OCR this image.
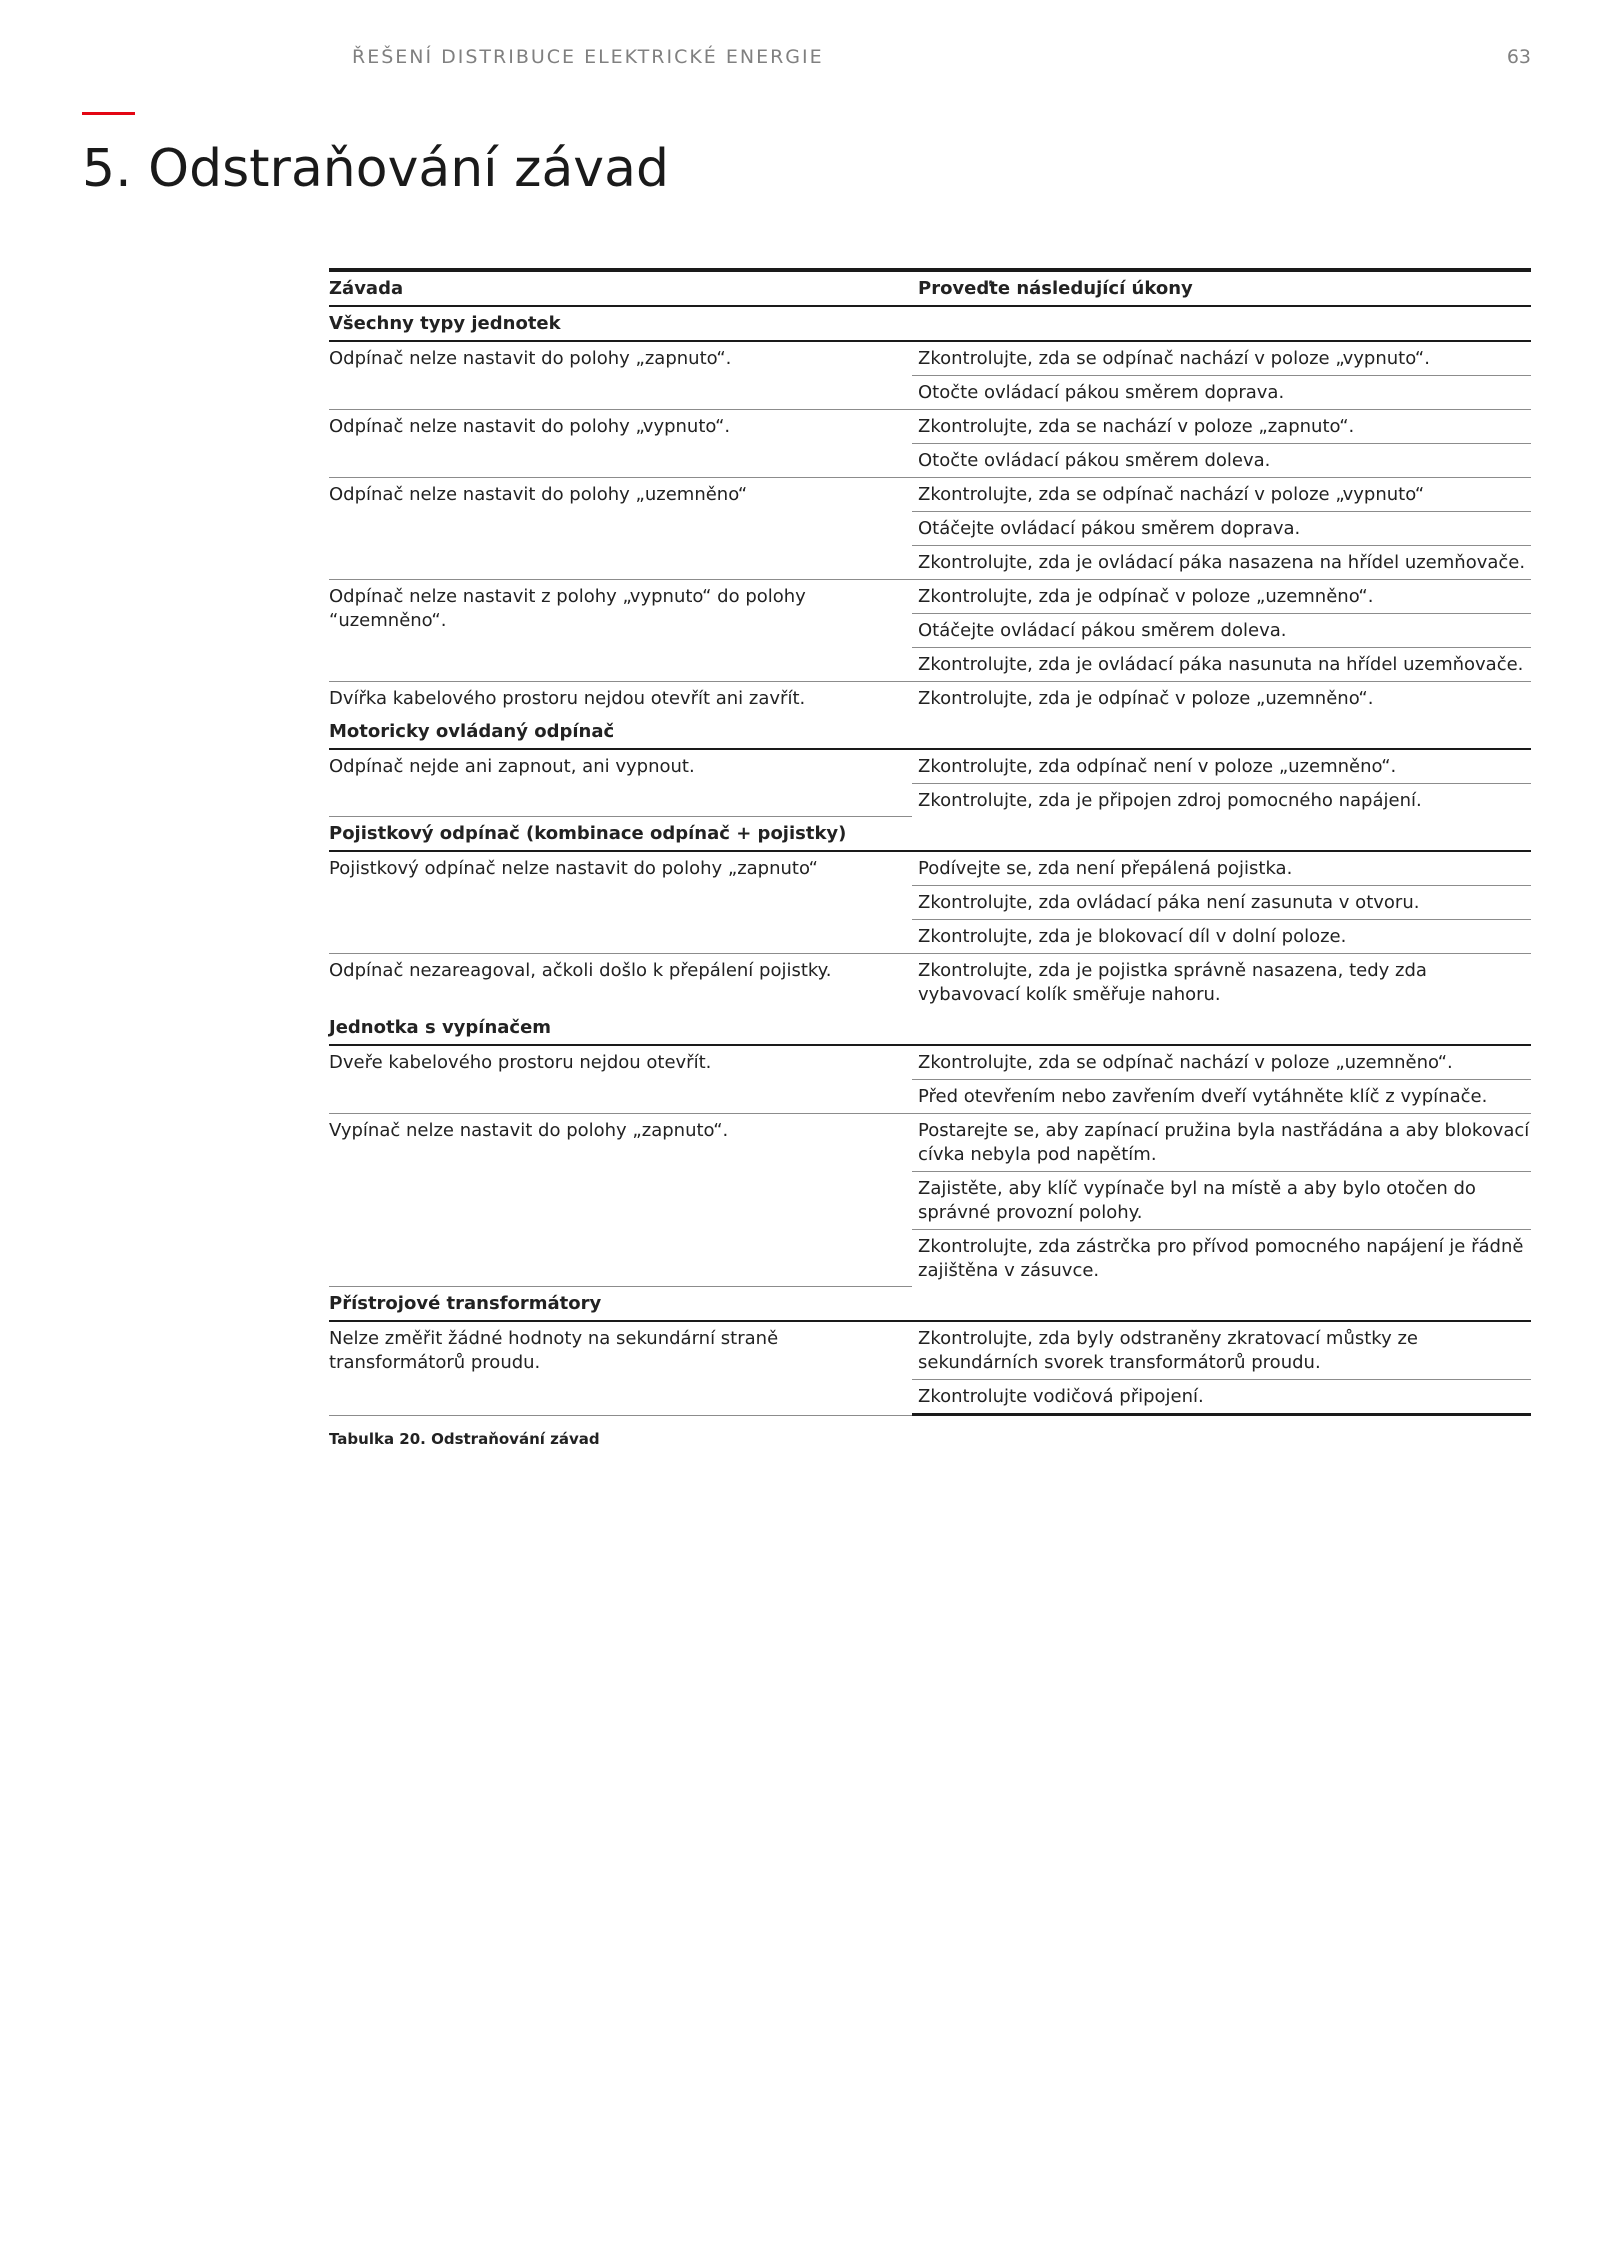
ŘEŠENÍ DISTRIBUCE ELEKTRICKÉ ENERGIE	63
5. Odstraňování závad
Závada	Proveďte následující úkony
Všechny typy jednotek	
Odpínač nelze nastavit do polohy „zapnuto“.	Zkontrolujte, zda se odpínač nachází v poloze „vypnuto“.
	Otočte ovládací pákou směrem doprava.
Odpínač nelze nastavit do polohy „vypnuto“.	Zkontrolujte, zda se nachází v poloze „zapnuto“.
	Otočte ovládací pákou směrem doleva.
Odpínač nelze nastavit do polohy „uzemněno“	Zkontrolujte, zda se odpínač nachází v poloze „vypnuto“
	Otáčejte ovládací pákou směrem doprava.
	Zkontrolujte, zda je ovládací páka nasazena na hřídel uzemňovače.
Odpínač nelze nastavit z polohy „vypnuto“ do polohy “uzemněno“.	Zkontrolujte, zda je odpínač v poloze „uzemněno“.
	Otáčejte ovládací pákou směrem doleva.
	Zkontrolujte, zda je ovládací páka nasunuta na hřídel uzemňovače.
Dvířka kabelového prostoru nejdou otevřít ani zavřít.	Zkontrolujte, zda je odpínač v poloze „uzemněno“.
Motoricky ovládaný odpínač	
Odpínač nejde ani zapnout, ani vypnout.	Zkontrolujte, zda odpínač není v poloze „uzemněno“.
	Zkontrolujte, zda je připojen zdroj pomocného napájení.
Pojistkový odpínač (kombinace odpínač + pojistky)	
Pojistkový odpínač nelze nastavit do polohy „zapnuto“	Podívejte se, zda není přepálená pojistka.
	Zkontrolujte, zda ovládací páka není zasunuta v otvoru.
	Zkontrolujte, zda je blokovací díl v dolní poloze.
Odpínač nezareagoval, ačkoli došlo k přepálení pojistky.	Zkontrolujte, zda je pojistka správně nasazena, tedy zda vybavovací kolík směřuje nahoru.
Jednotka s vypínačem	
Dveře kabelového prostoru nejdou otevřít.	Zkontrolujte, zda se odpínač nachází v poloze „uzemněno“.
	Před otevřením nebo zavřením dveří vytáhněte klíč z vypínače.
Vypínač nelze nastavit do polohy „zapnuto“.	Postarejte se, aby zapínací pružina byla nastřádána a aby blokovací cívka nebyla pod napětím.
	Zajistěte, aby klíč vypínače byl na místě a aby bylo otočen do správné provozní polohy.
	Zkontrolujte, zda zástrčka pro přívod pomocného napájení je řádně zajištěna v zásuvce.
Přístrojové transformátory	
Nelze změřit žádné hodnoty na sekundární straně transformátorů proudu.	Zkontrolujte, zda byly odstraněny zkratovací můstky ze sekundárních svorek transformátorů proudu.
	Zkontrolujte vodičová připojení.
Tabulka 20. Odstraňování závad
